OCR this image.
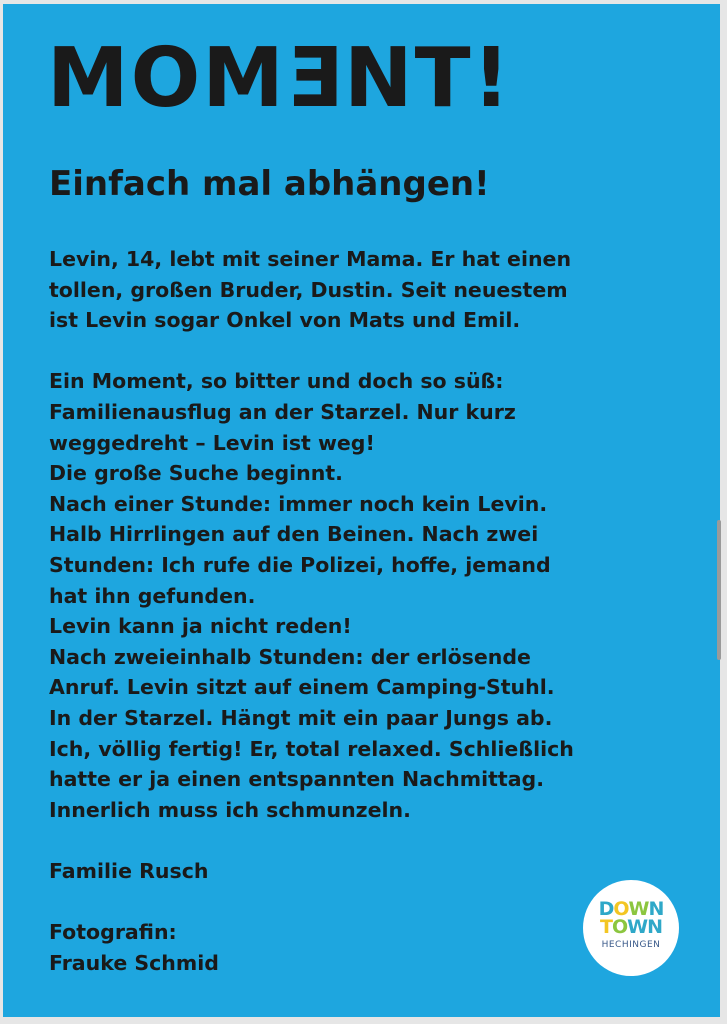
MOMENT!
Einfach mal abhängen!
Levin, 14, lebt mit seiner Mama. Er hat einen
tollen, großen Bruder, Dustin. Seit neuestem
ist Levin sogar Onkel von Mats und Emil.
Ein Moment, so bitter und doch so süß:
Familienausflug an der Starzel. Nur kurz
weggedreht – Levin ist weg!
Die große Suche beginnt.
Nach einer Stunde: immer noch kein Levin.
Halb Hirrlingen auf den Beinen. Nach zwei
Stunden: Ich rufe die Polizei, hoffe, jemand
hat ihn gefunden.
Levin kann ja nicht reden!
Nach zweieinhalb Stunden: der erlösende
Anruf. Levin sitzt auf einem Camping-Stuhl.
In der Starzel. Hängt mit ein paar Jungs ab.
Ich, völlig fertig! Er, total relaxed. Schließlich
hatte er ja einen entspannten Nachmittag.
Innerlich muss ich schmunzeln.
Familie Rusch
Fotografin:
Frauke Schmid
DOWN
TOWN
HECHINGEN
